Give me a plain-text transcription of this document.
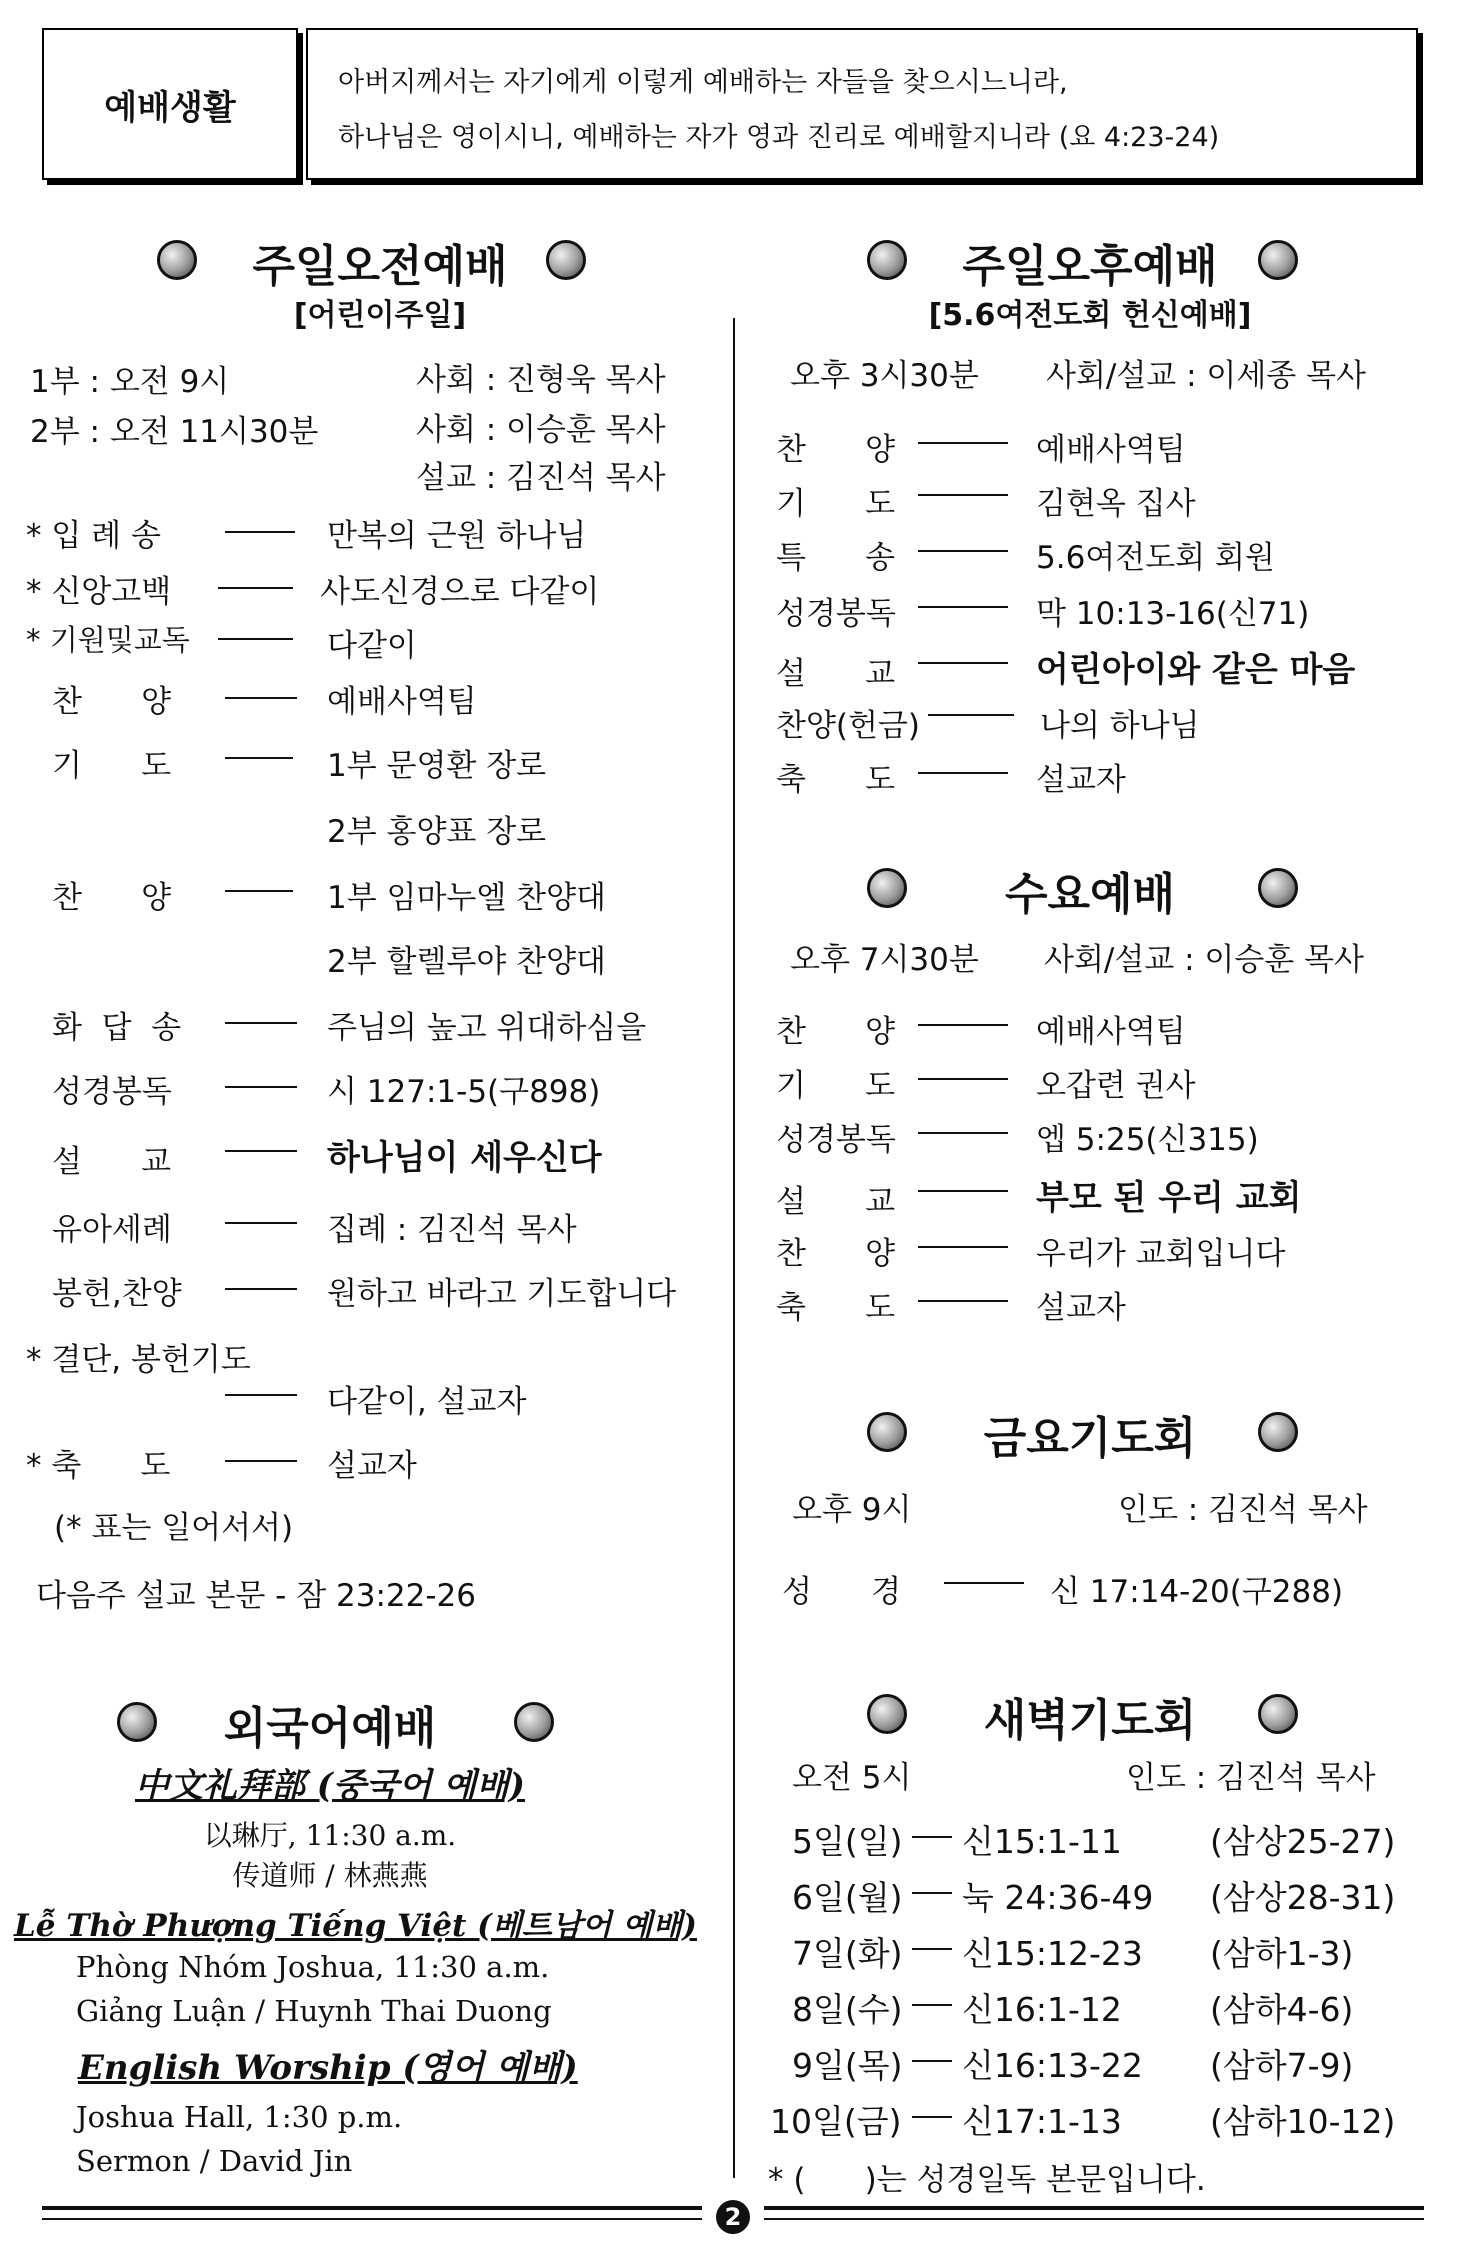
예배생활
아버지께서는 자기에게 이렇게 예배하는 자들을 찾으시느니라,
하나님은 영이시니, 예배하는 자가 영과 진리로 예배할지니라 (요 4:23-24)
주일오전예배
[어린이주일]
1부 : 오전 9시	사회 : 진형욱 목사
2부 : 오전 11시30분	사회 : 이승훈 목사
설교 : 김진석 목사
* 입 례 송	만복의 근원 하나님
* 신앙고백	사도신경으로 다같이
* 기원및교독	다같이
찬      양	예배사역팀
기      도	1부 문영환 장로
2부 홍양표 장로
찬      양	1부 임마누엘 찬양대
2부 할렐루야 찬양대
화  답  송	주님의 높고 위대하심을
성경봉독	시 127:1-5(구898)
설      교	하나님이 세우신다
유아세례	집례 : 김진석 목사
봉헌,찬양	원하고 바라고 기도합니다
* 결단, 봉헌기도
다같이, 설교자
* 축      도	설교자
(* 표는 일어서서)
다음주 설교 본문 - 잠 23:22-26
외국어예배
中文礼拜部 (중국어 예배)
以琳厅, 11:30 a.m.
传道师 / 林燕燕
Lễ Thờ Phượng Tiếng Việt (베트남어 예배)
Phòng Nhóm Joshua, 11:30 a.m.
Giảng Luận / Huynh Thai Duong
English Worship (영어 예배)
Joshua Hall, 1:30 p.m.
Sermon / David Jin
주일오후예배
[5.6여전도회 헌신예배]
오후 3시30분 사회/설교 : 이세종 목사
찬      양	예배사역팀
기      도	김현옥 집사
특      송	5.6여전도회 회원
성경봉독	막 10:13-16(신71)
설      교	어린아이와 같은 마음
찬양(헌금)	나의 하나님
축      도	설교자
수요예배
오후 7시30분 사회/설교 : 이승훈 목사
찬      양	예배사역팀
기      도	오갑련 권사
성경봉독	엡 5:25(신315)
설      교	부모 된 우리 교회
찬      양	우리가 교회입니다
축      도	설교자
금요기도회
오후 9시	인도 : 김진석 목사
성      경	신 17:14-20(구288)
새벽기도회
오전 5시	인도 : 김진석 목사
5일(일) 신15:1-11	(삼상25-27)
6일(월) 눅 24:36-49 (삼상28-31)
7일(화) 신15:12-23 (삼하1-3)
8일(수) 신16:1-12	(삼하4-6)
9일(목) 신16:13-22 (삼하7-9)
10일(금) 신17:1-13	(삼하10-12)
* (      )는 성경일독 본문입니다.
2
